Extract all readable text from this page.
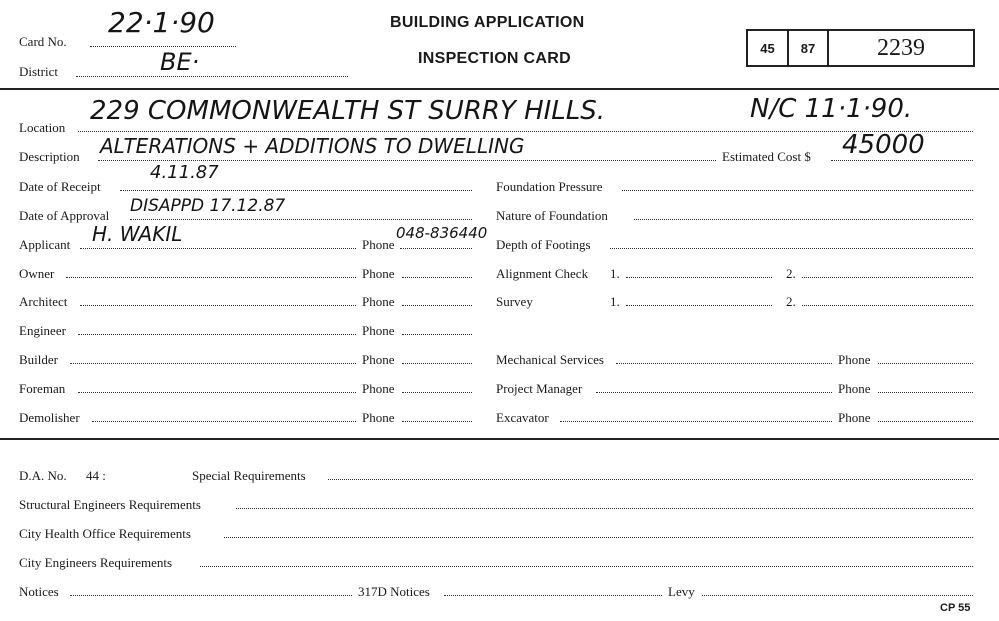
Card No.
22·1·90
District	BE·
BUILDING APPLICATION
INSPECTION CARD
45	87	2239
Location
229 COMMONWEALTH ST SURRY HILLS.	N/C 11·1·90.
Description ALTERATIONS + ADDITIONS TO DWELLING	Estimated Cost $ 45000
Date of Receipt
4.11.87
Date of Approval DISAPPD 17.12.87
Applicant H. WAKIL	Phone
048-836440
Owner	Phone
Architect	Phone
Engineer	Phone
Builder	Phone
Foreman	Phone
Demolisher	Phone
Foundation Pressure
Nature of Foundation
Depth of Footings
Alignment Check 1.	2.
Survey	1.	2.
Mechanical Services	Phone
Project Manager	Phone
Excavator	Phone
D.A. No. 44 :	Special Requirements
Structural Engineers Requirements
City Health Office Requirements
City Engineers Requirements
Notices	317D Notices	Levy
CP 55
